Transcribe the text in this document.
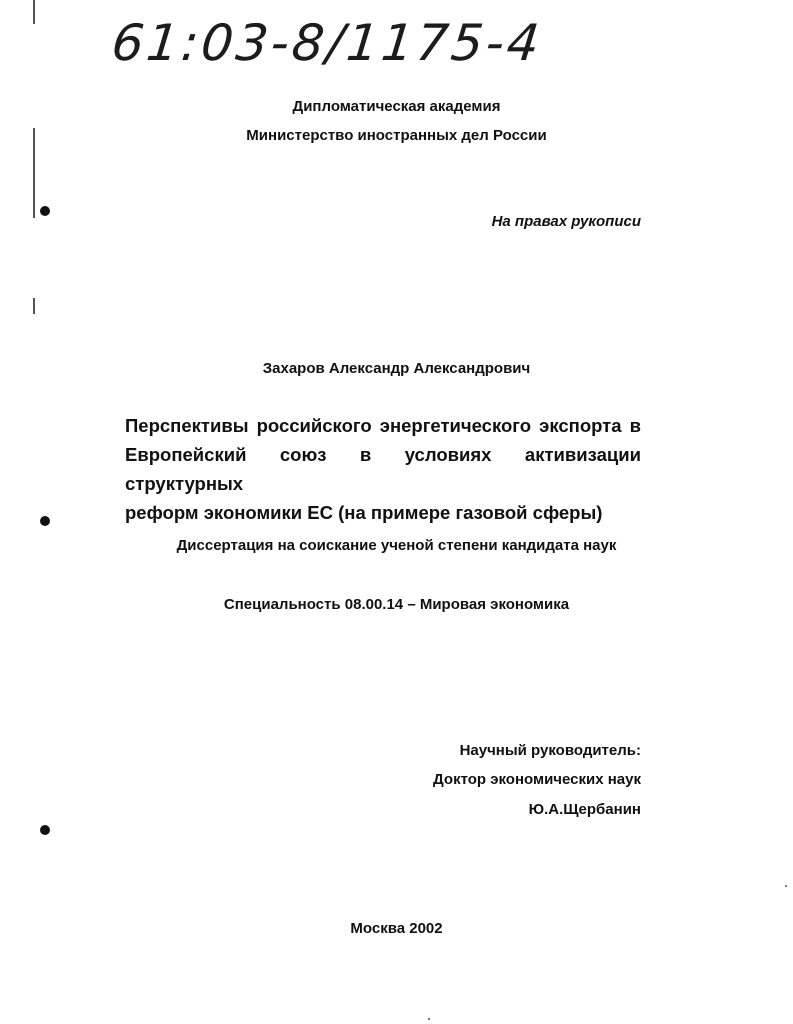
61:03-8/1175-4
Дипломатическая академия
Министерство иностранных дел России
На правах рукописи
Захаров Александр Александрович
Перспективы российского энергетического экспорта в
Европейский союз в условиях активизации структурных
реформ экономики ЕС (на примере газовой сферы)
Диссертация на соискание ученой степени кандидата наук
Специальность 08.00.14 – Мировая экономика
Научный руководитель:
Доктор экономических наук
Ю.А.Щербанин
Москва 2002
